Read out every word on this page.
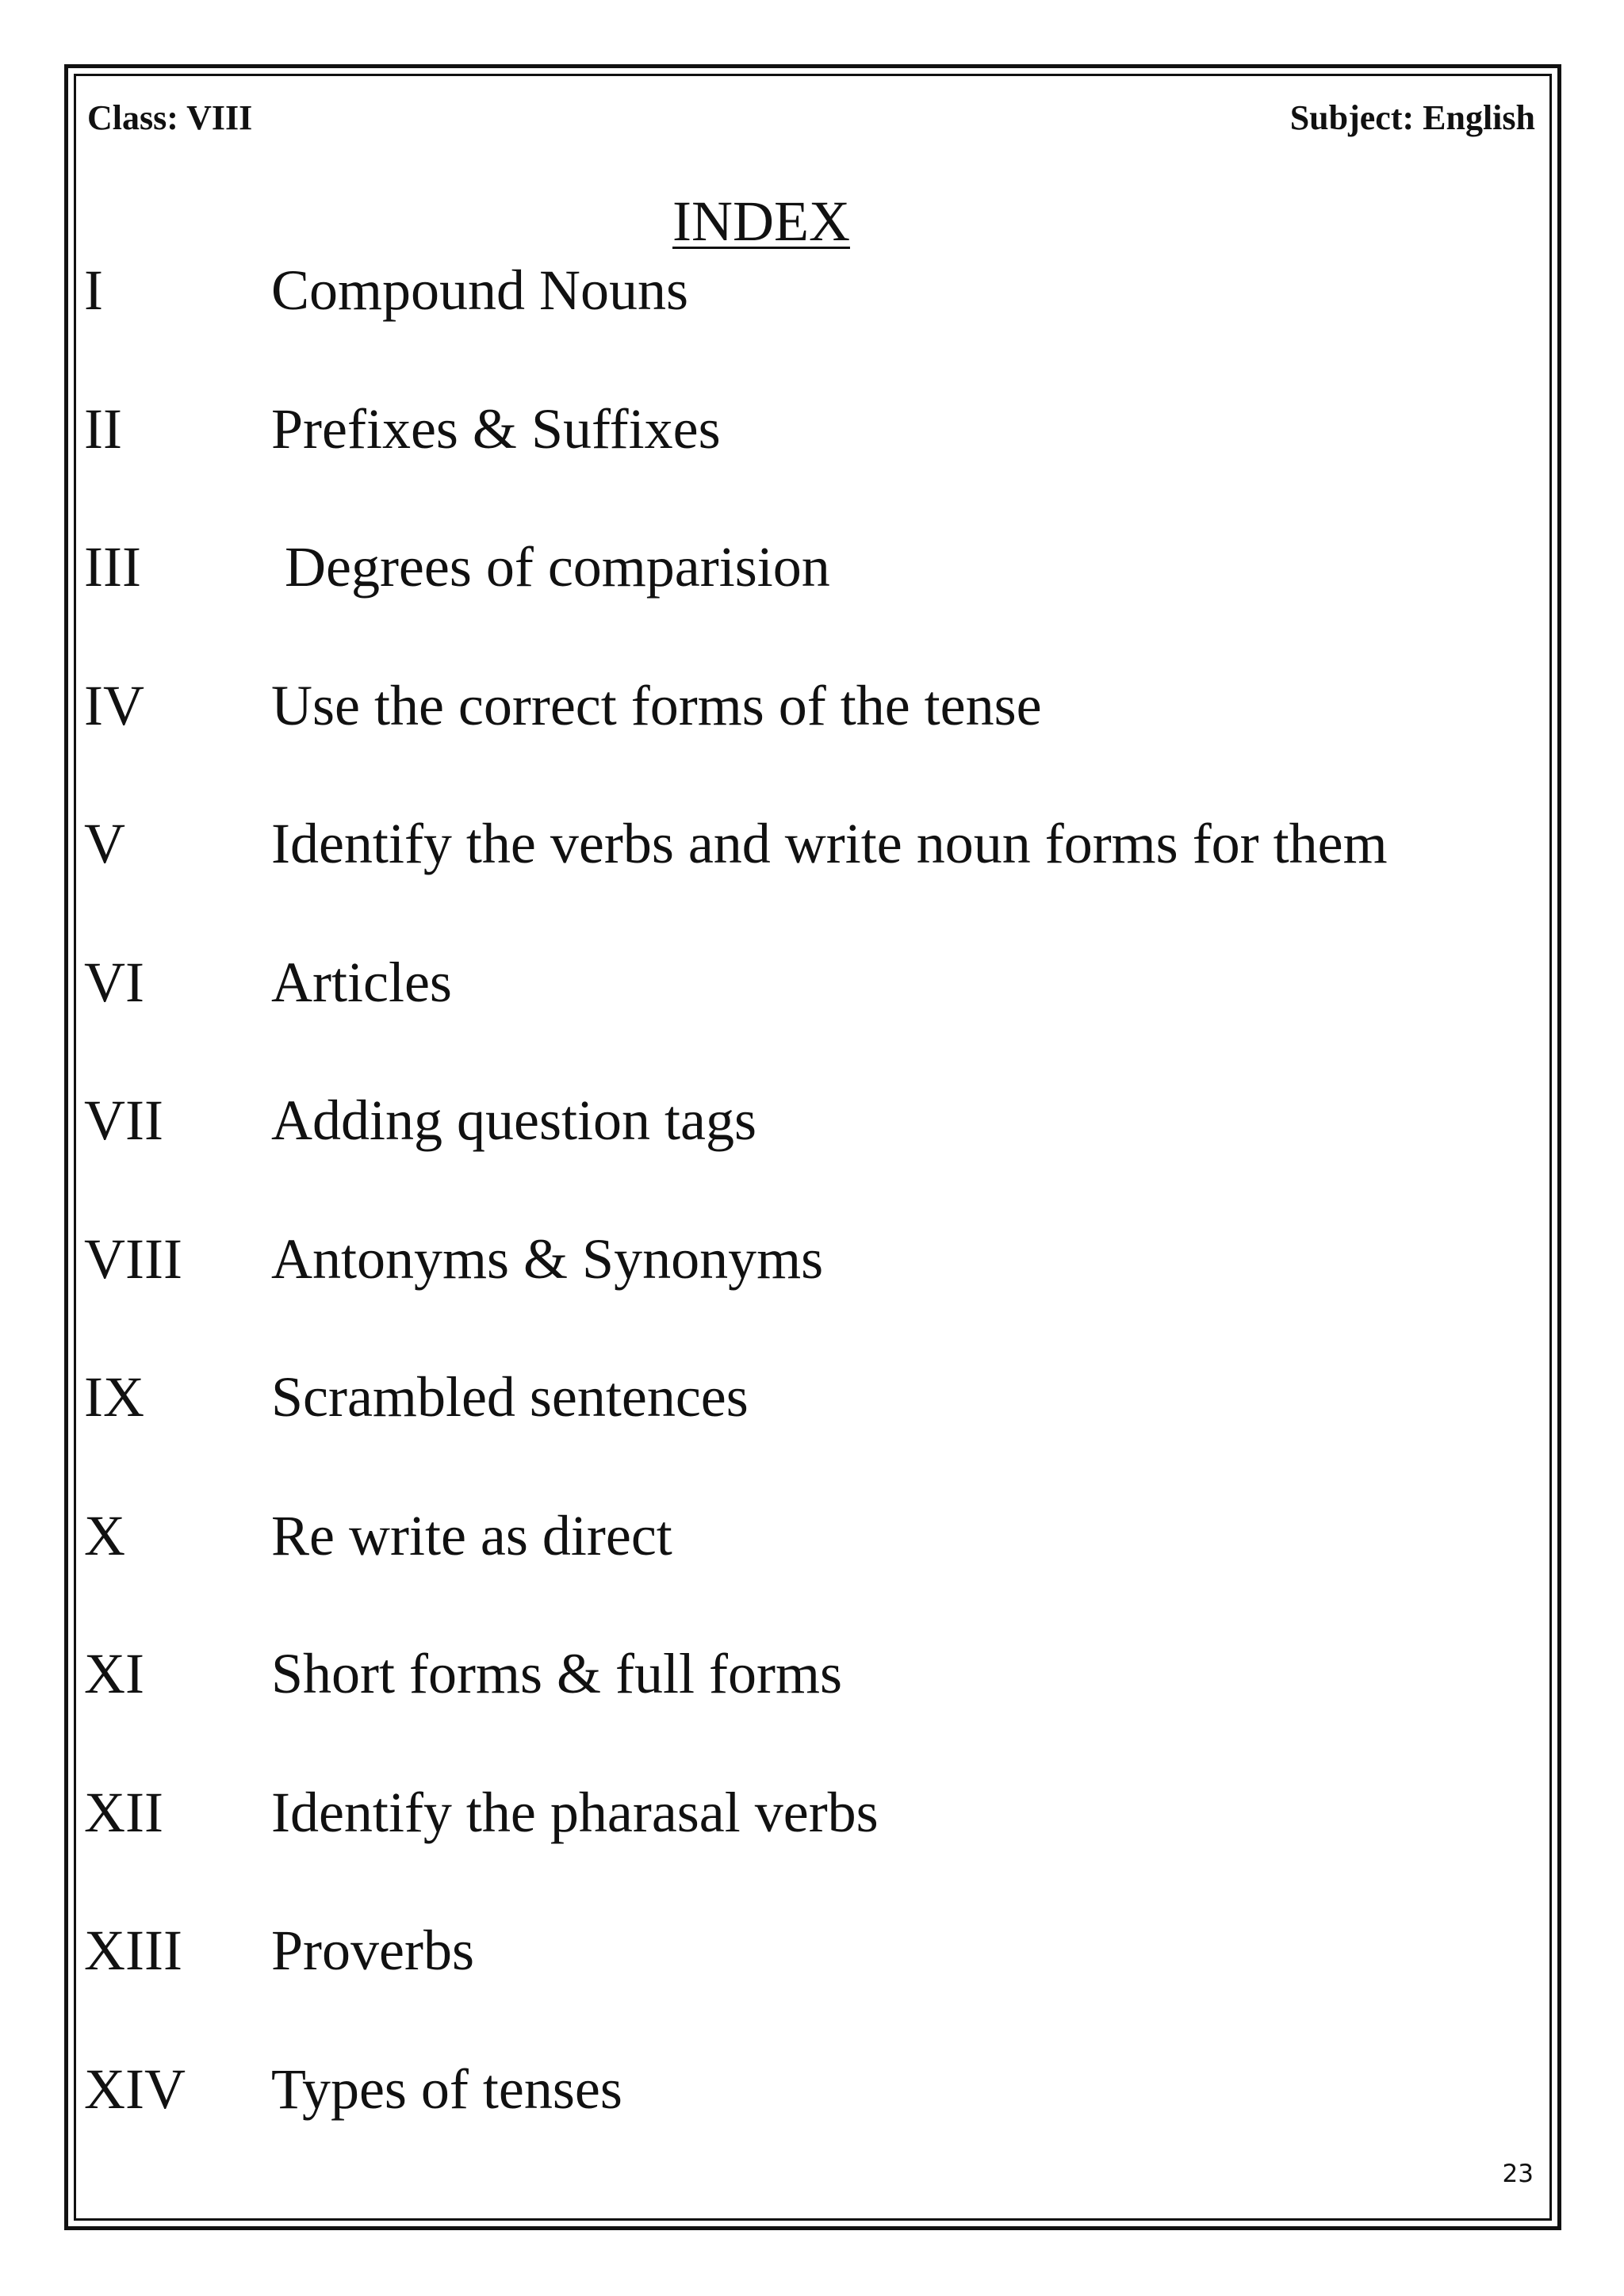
Class: VIII	Subject: English
INDEX
I	Compound Nouns
II	Prefixes & Suffixes
III	Degrees of comparision
IV Use the correct forms of the tense
V	Identify the verbs and write noun forms for them
VI Articles
VII Adding question tags
VIII Antonyms & Synonyms
IX Scrambled sentences
X	Re write as direct
XI Short forms & full forms
XII Identify the pharasal verbs
XIII Proverbs
XIV Types of tenses
23
